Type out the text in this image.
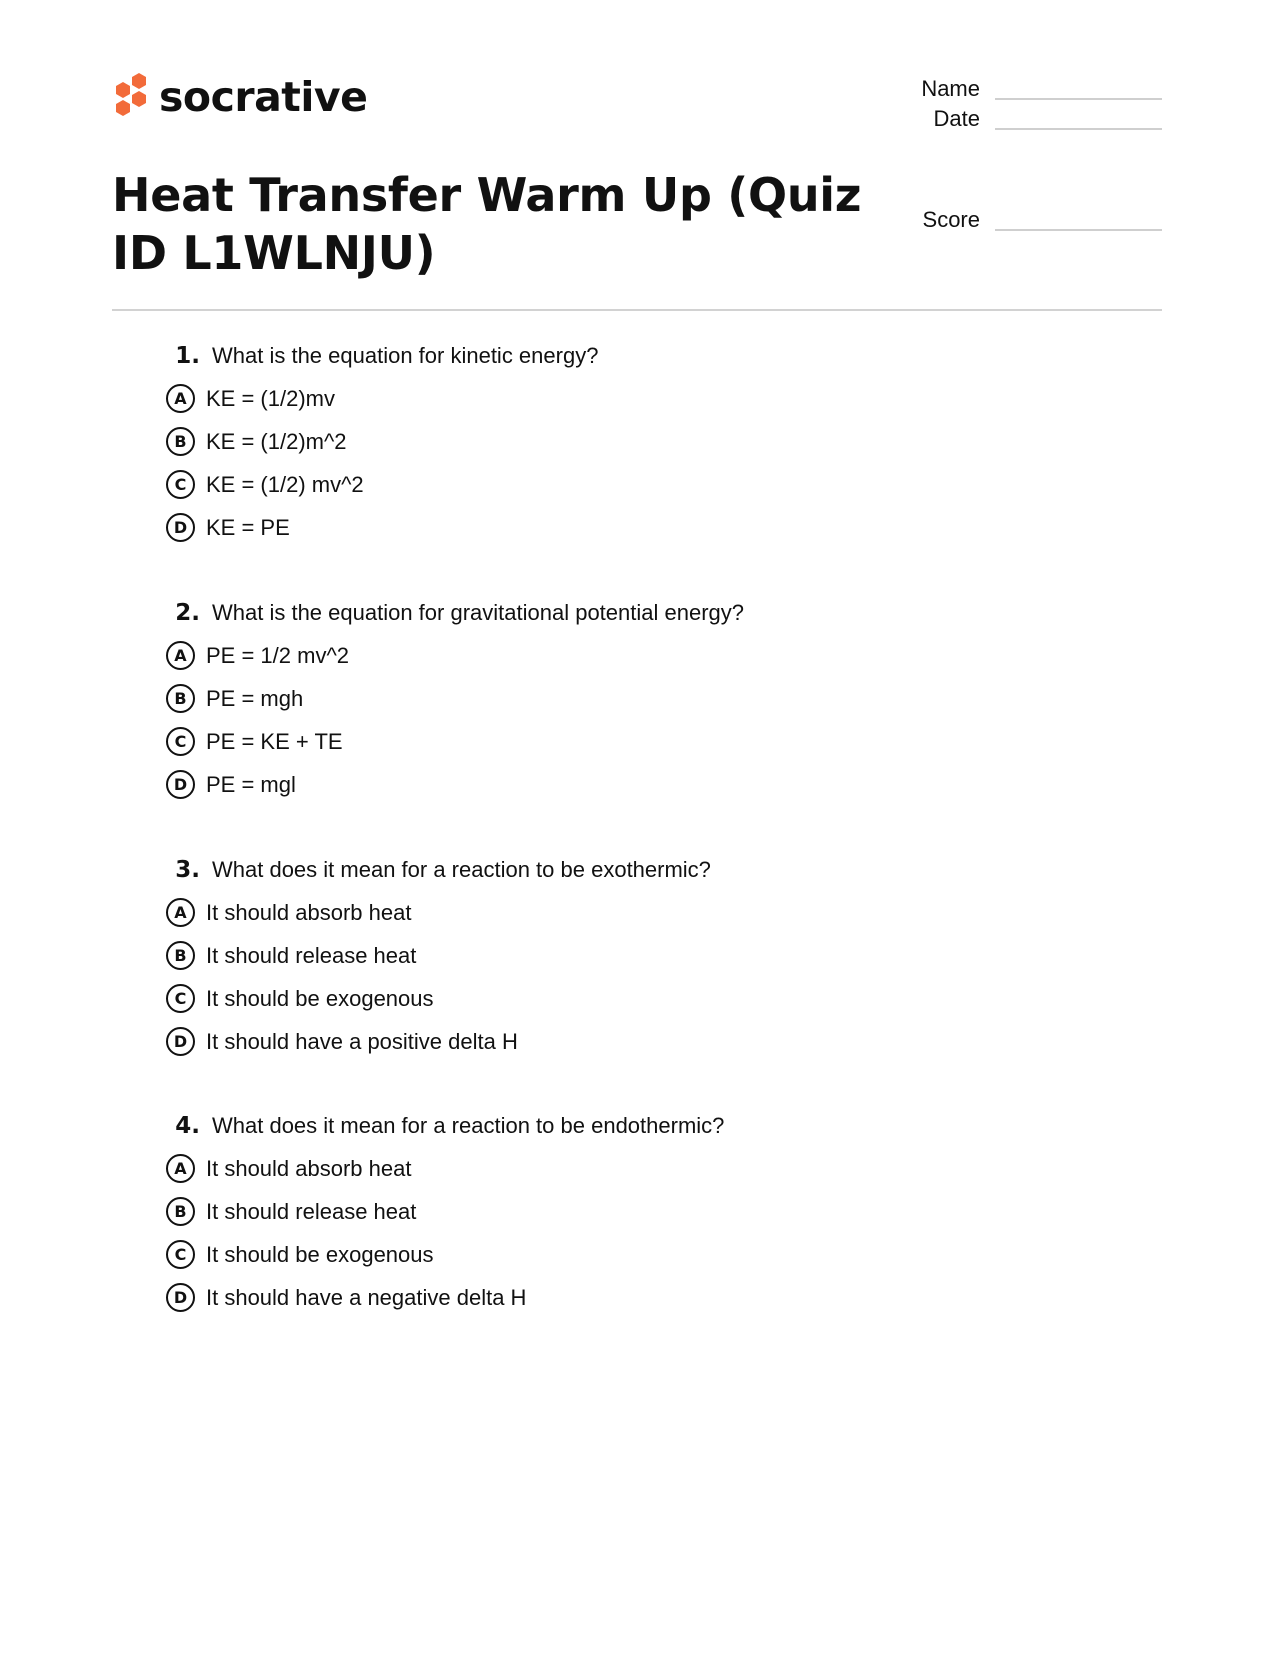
socrative	Name
Date
Score
Heat Transfer Warm Up (Quiz ID L1WLNJU)
1. What is the equation for kinetic energy?
A KE = (1/2)mv
B KE = (1/2)m^2
C KE = (1/2) mv^2
D KE = PE
2. What is the equation for gravitational potential energy?
A PE = 1/2 mv^2
B PE = mgh
C PE = KE + TE
D PE = mgl
3. What does it mean for a reaction to be exothermic?
A It should absorb heat
B It should release heat
C It should be exogenous
D It should have a positive delta H
4. What does it mean for a reaction to be endothermic?
A It should absorb heat
B It should release heat
C It should be exogenous
D It should have a negative delta H
